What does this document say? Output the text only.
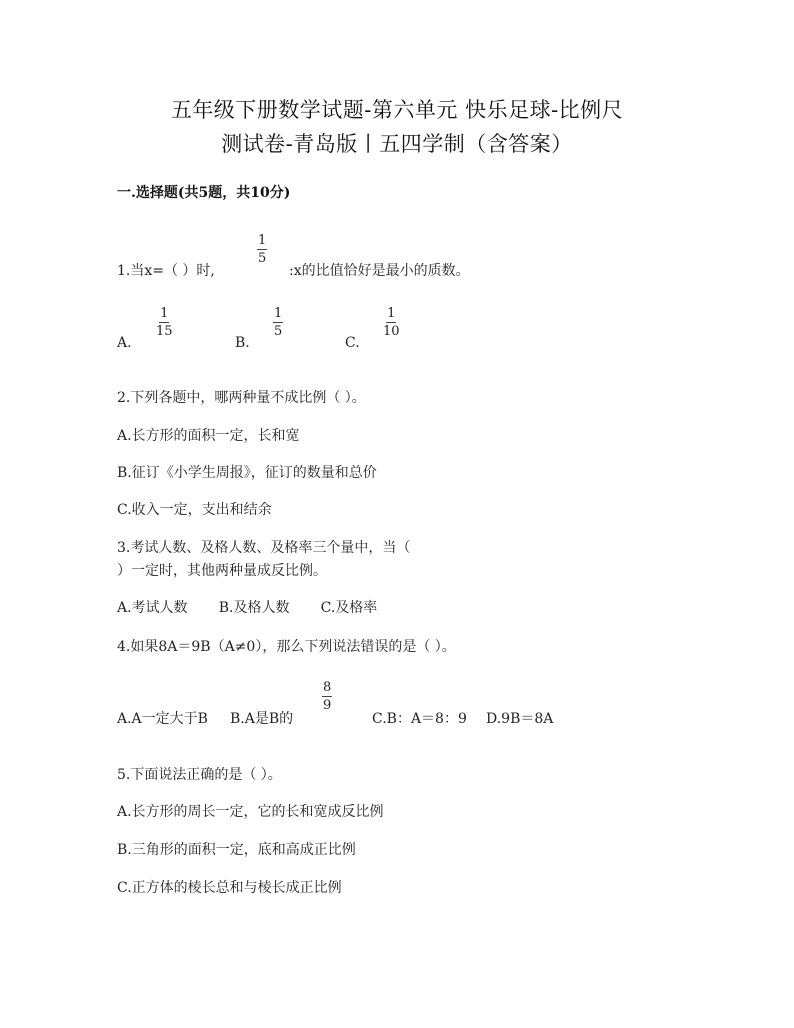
五年级下册数学试题-第六单元 快乐足球-比例尺
测试卷-青岛版丨五四学制（含答案）
一.选择题(共5题，共10分)
1.当x=（ ）时,
$\frac{1}{5}$
:x的比值恰好是最小的质数。
A.
$\frac{1}{15}$
B.
$\frac{1}{5}$
C.
$\frac{1}{10}$
2.下列各题中，哪两种量不成比例（ ）。
A.长方形的面积一定，长和宽
B.征订《小学生周报》，征订的数量和总价
C.收入一定，支出和结余
3.考试人数、及格人数、及格率三个量中，当（
）一定时，其他两种量成反比例。
A.考试人数       B.及格人数       C.及格率
4.如果8A＝9B（A≠0），那么下列说法错误的是（ ）。
A.A一定大于B B.A是B的
$\frac{8}{9}$
C.B：A＝8：9 D.9B＝8A
5.下面说法正确的是（ ）。
A.长方形的周长一定，它的长和宽成反比例
B.三角形的面积一定，底和高成正比例
C.正方体的棱长总和与棱长成正比例
